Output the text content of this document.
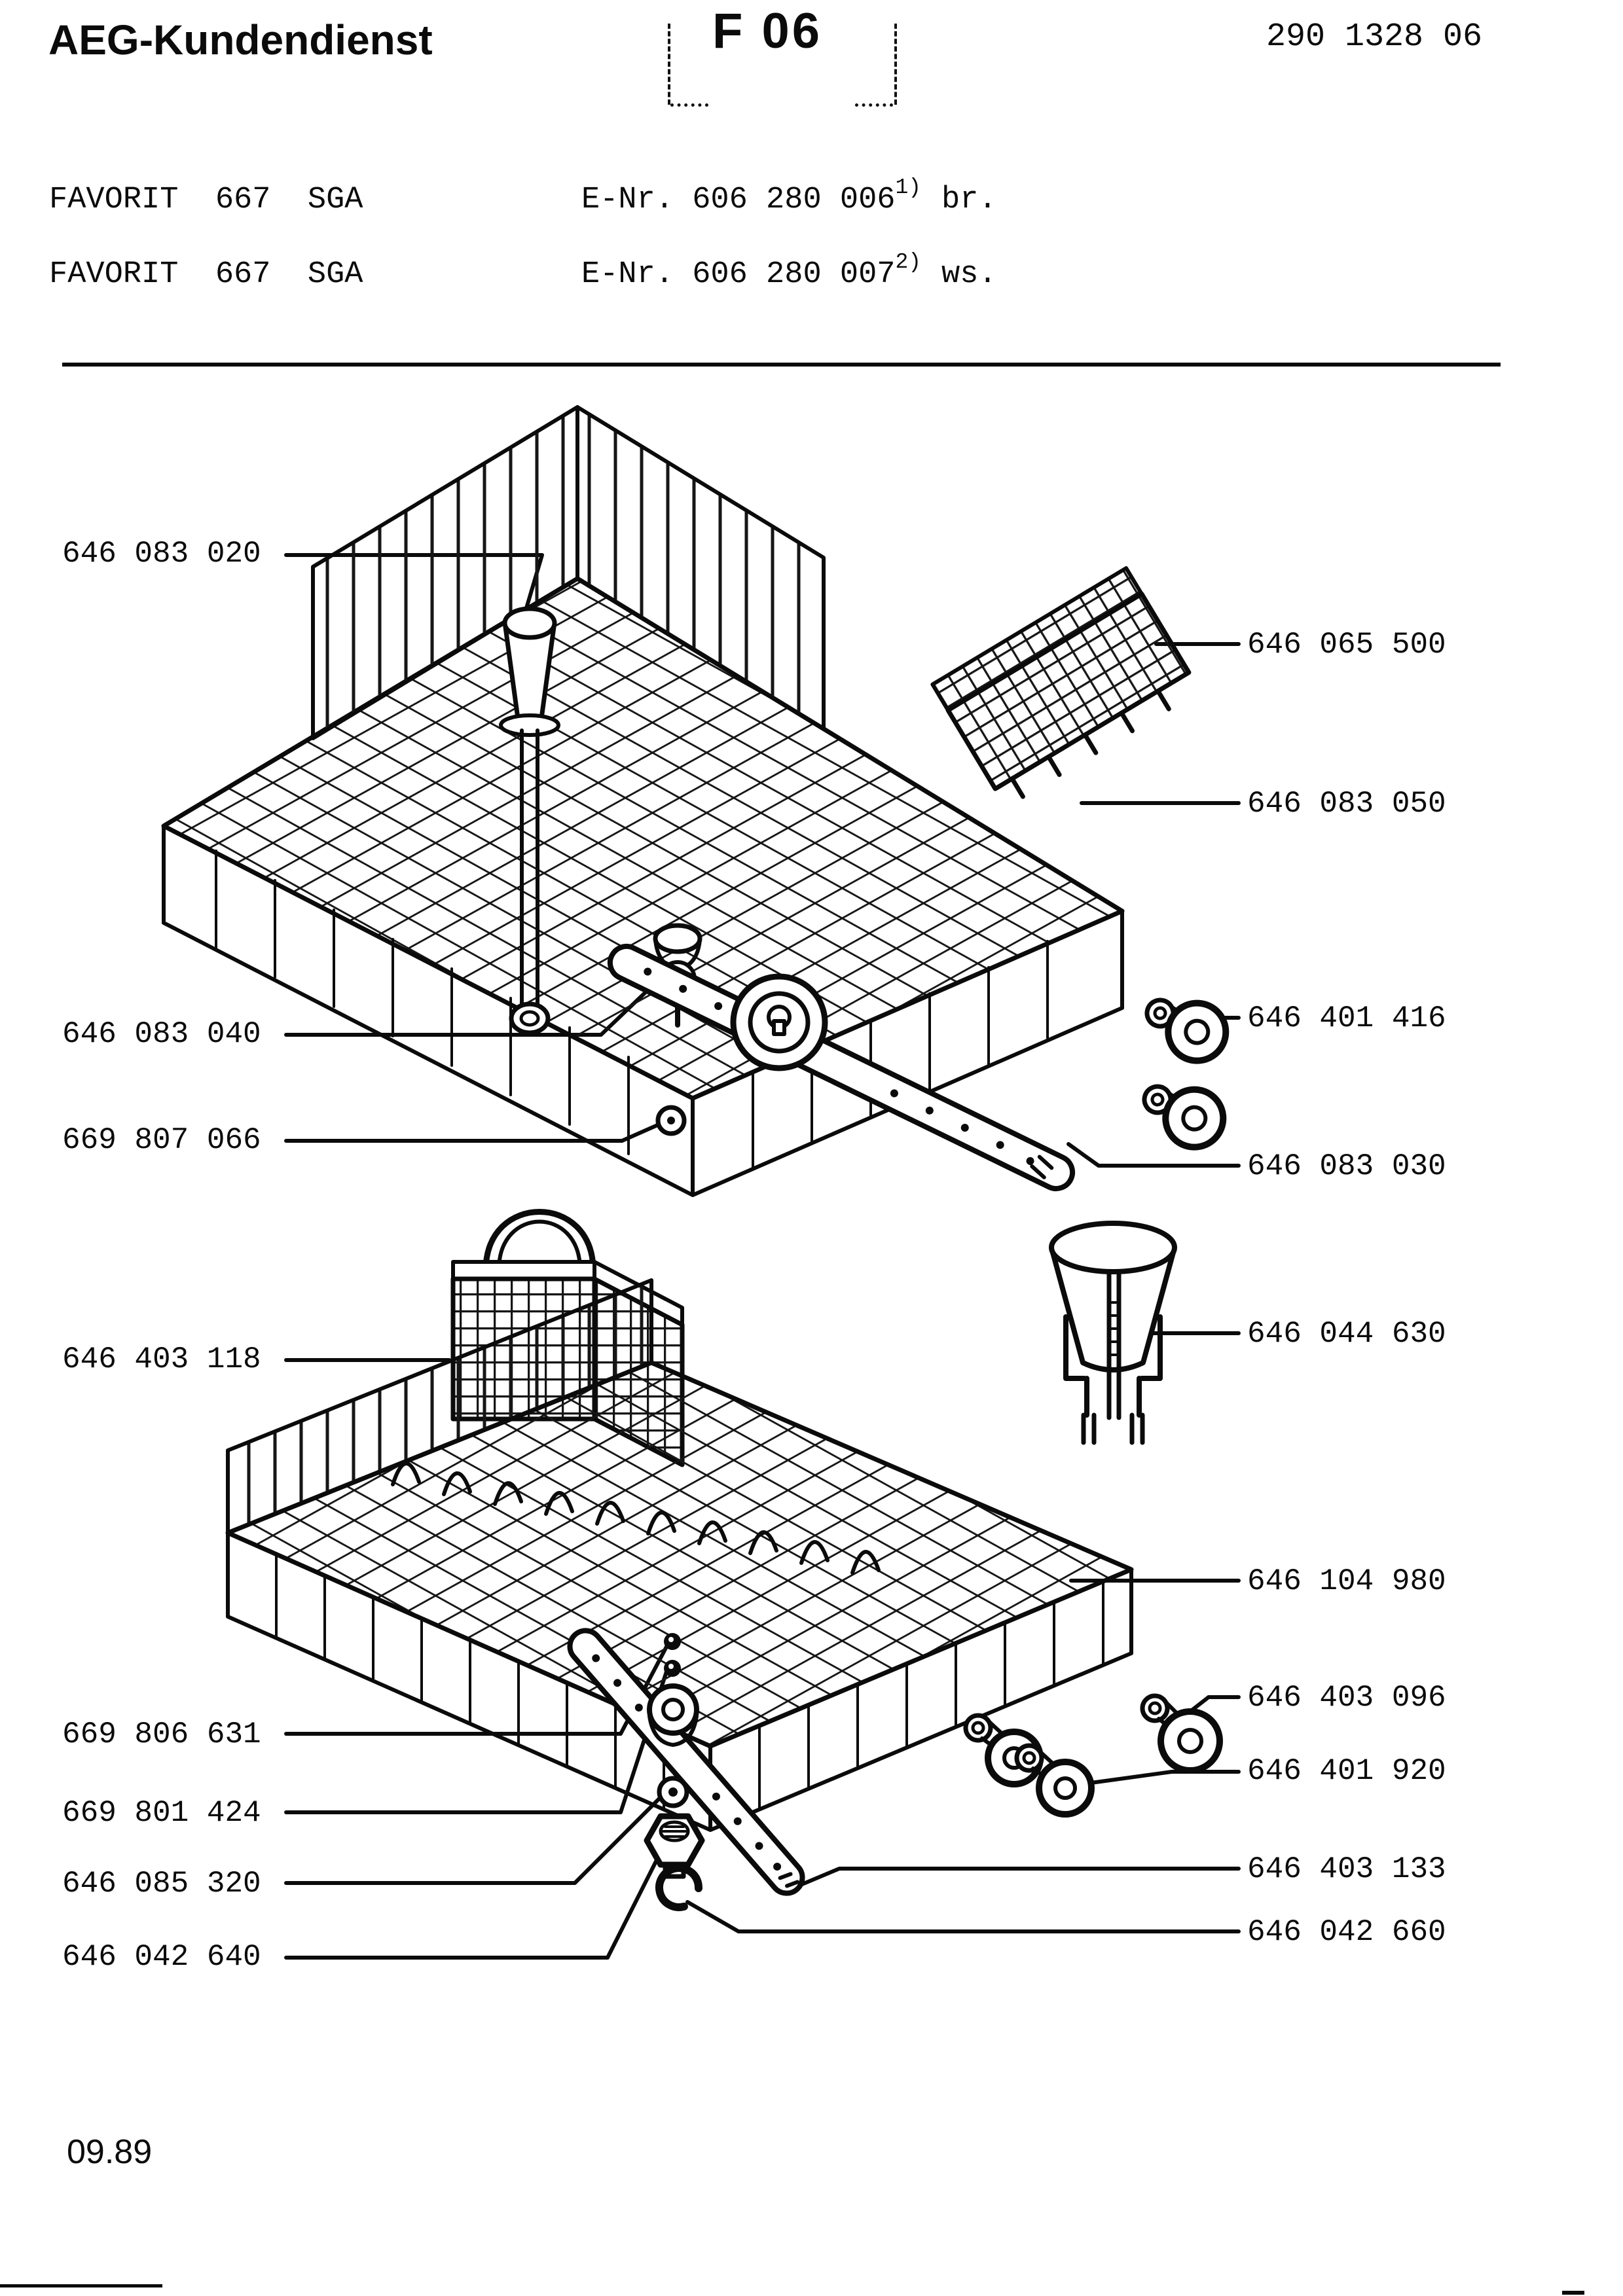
AEG-Kundendienst	F 06	290 1328 06
FAVORIT  667  SGA	E-Nr. 606 280 006$^{1)}$ br.
FAVORIT  667  SGA	E-Nr. 606 280 007$^{2)}$ ws.
646 083 020
646 083 040
669 807 066
646 403 118
669 806 631
669 801 424
646 085 320
646 042 640
646 065 500
646 083 050
646 401 416
646 083 030
646 044 630
646 104 980
646 403 096
646 401 920
646 403 133
646 042 660
09.89
